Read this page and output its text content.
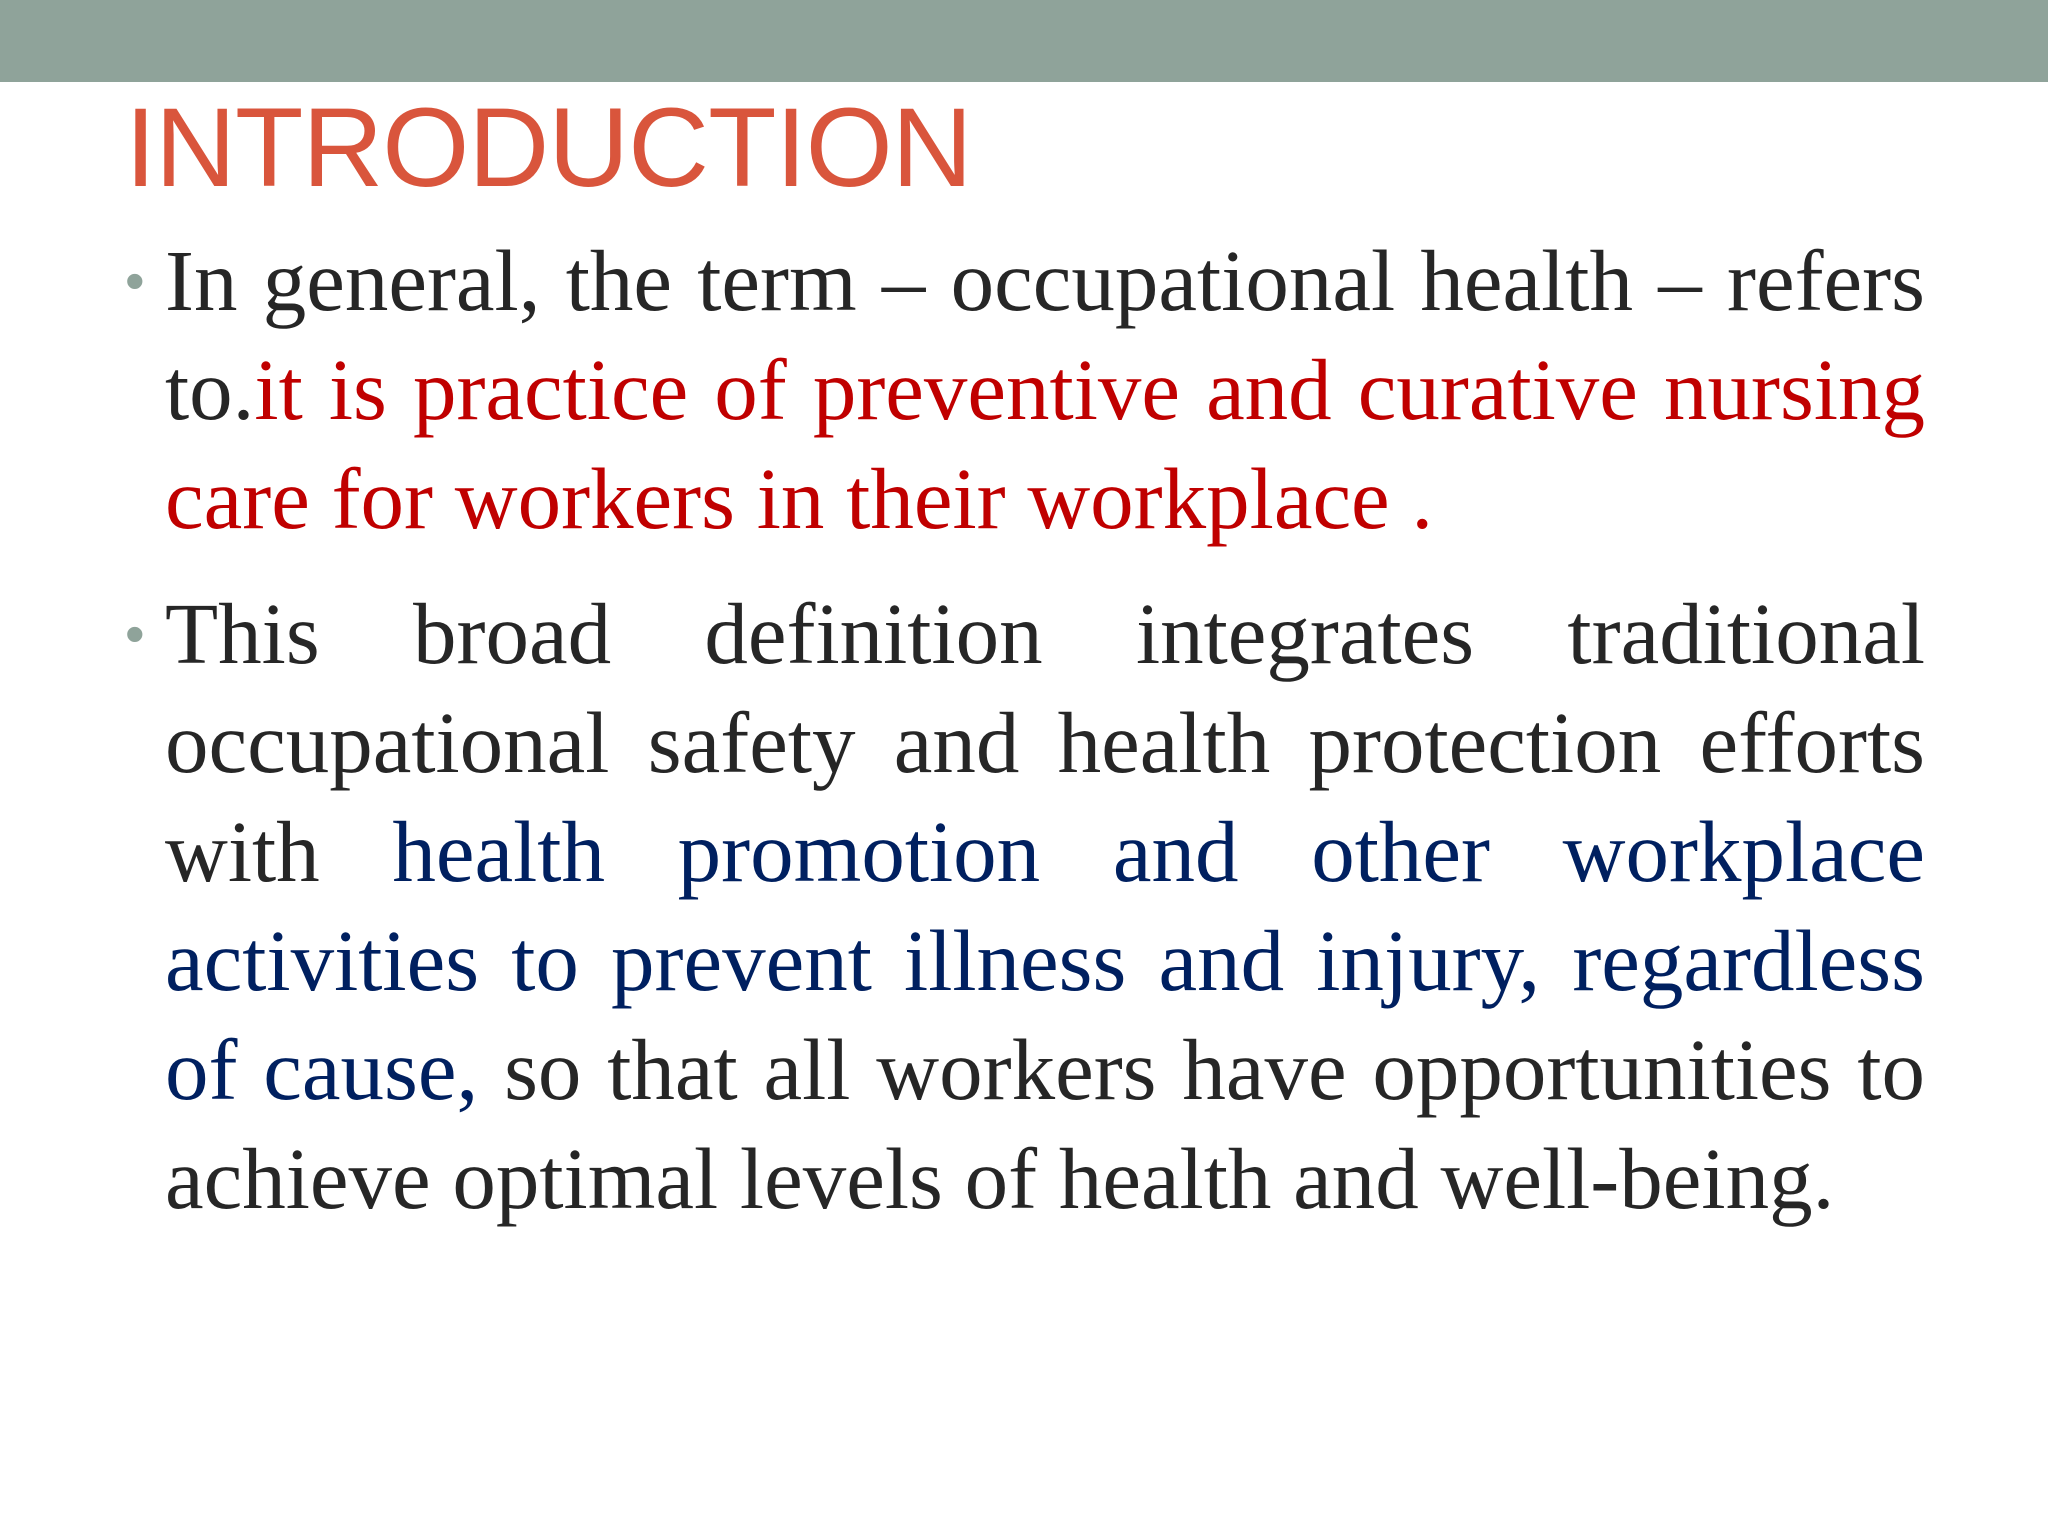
INTRODUCTION
• In general, the term – occupational health – refers to.it is practice of preventive and curative nursing care for workers in their workplace .
• This broad definition integrates traditional occupational safety and health protection efforts with health promotion and other workplace activities to prevent illness and injury, regardless of cause, so that all workers have opportunities to achieve optimal levels of health and well-being.
